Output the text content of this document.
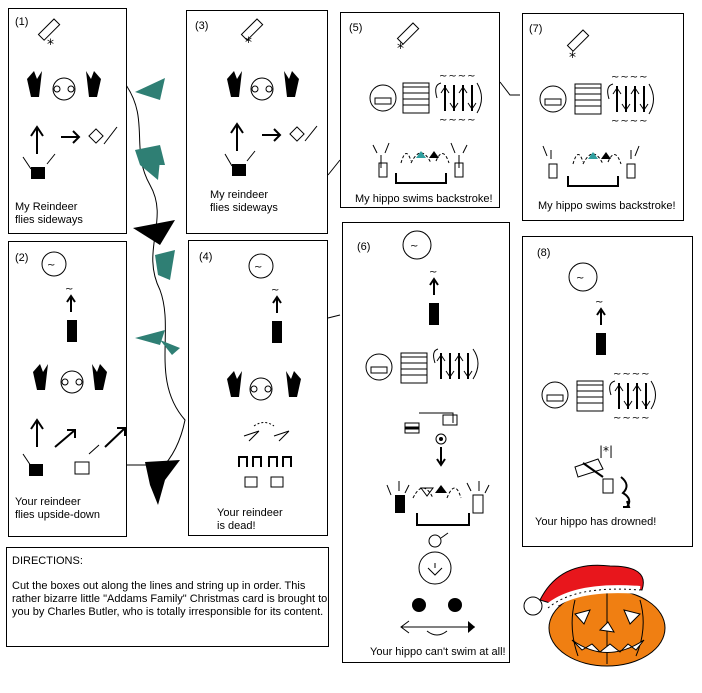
(1)
*
My Reindeer
flies sideways
(2)
~
~
Your reindeer
flies upside-down
(3)
*
My reindeer
flies sideways
(4)
~
~
Your reindeer
is dead!
(5)
*
~~~~
~~~~
My hippo swims backstroke!
(6)	~
~
Your hippo can't swim at all!
(7)
*
~~~~
~~~~
My hippo swims backstroke!
(8)
~
~
~~~~
~~~~
|*|
Your hippo has drowned!
DIRECTIONS:
Cut the boxes out along the lines and string up in order. This
rather bizarre little "Addams Family" Christmas card is brought to
you by Charles Butler, who is totally irresponsible for its content.
